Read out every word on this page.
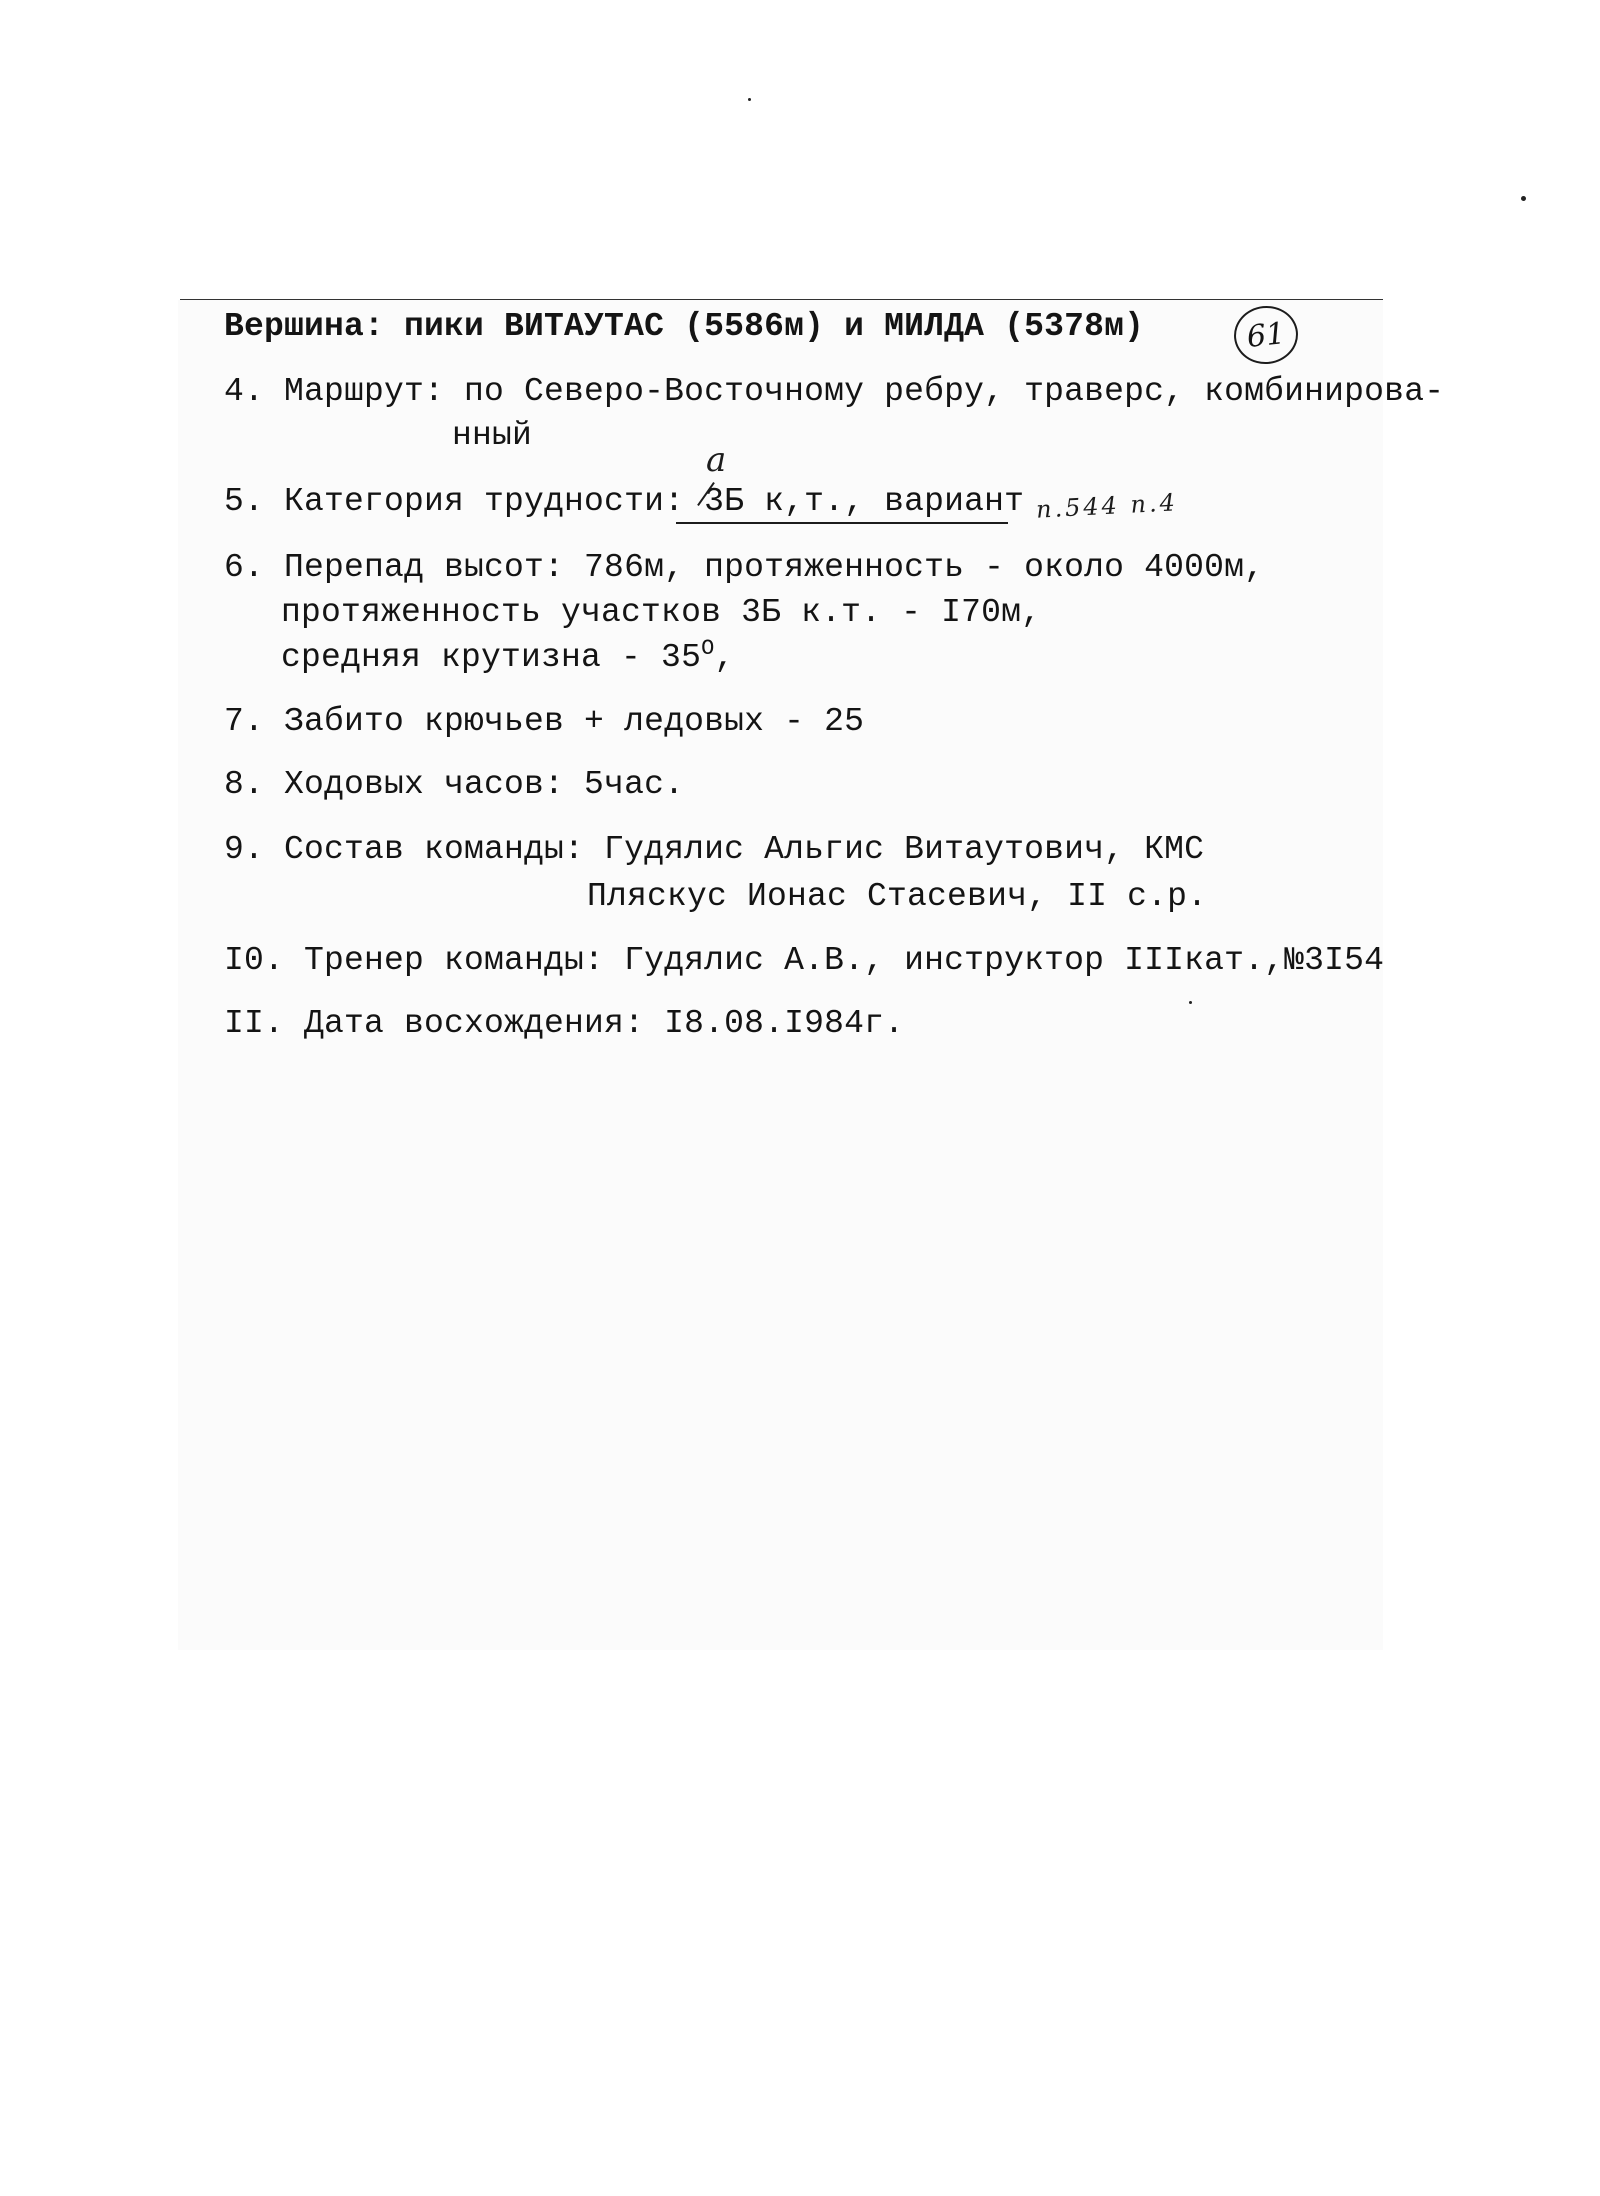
Вершина: пики ВИТАУТАС (5586м) и МИЛДА (5378м)	61
4. Маршрут: по Северо-Восточному ребру, траверс, комбинирова-
нный
5. Категория трудности: 3Б к,т., вариант
а
п.544 п.4
6. Перепад высот: 786м, протяженность - около 4000м,
протяженность участков 3Б к.т. - I70м,
средняя крутизна - $35^O$,
7. Забито крючьев + ледовых - 25
8. Ходовых часов: 5час.
9. Состав команды: Гудялис Альгис Витаутович, КМС
Пляскус Ионас Стасевич, II с.р.
I0. Тренер команды: Гудялис А.В., инструктор IIIкат.,№3I54
II. Дата восхождения: I8.08.I984г.
